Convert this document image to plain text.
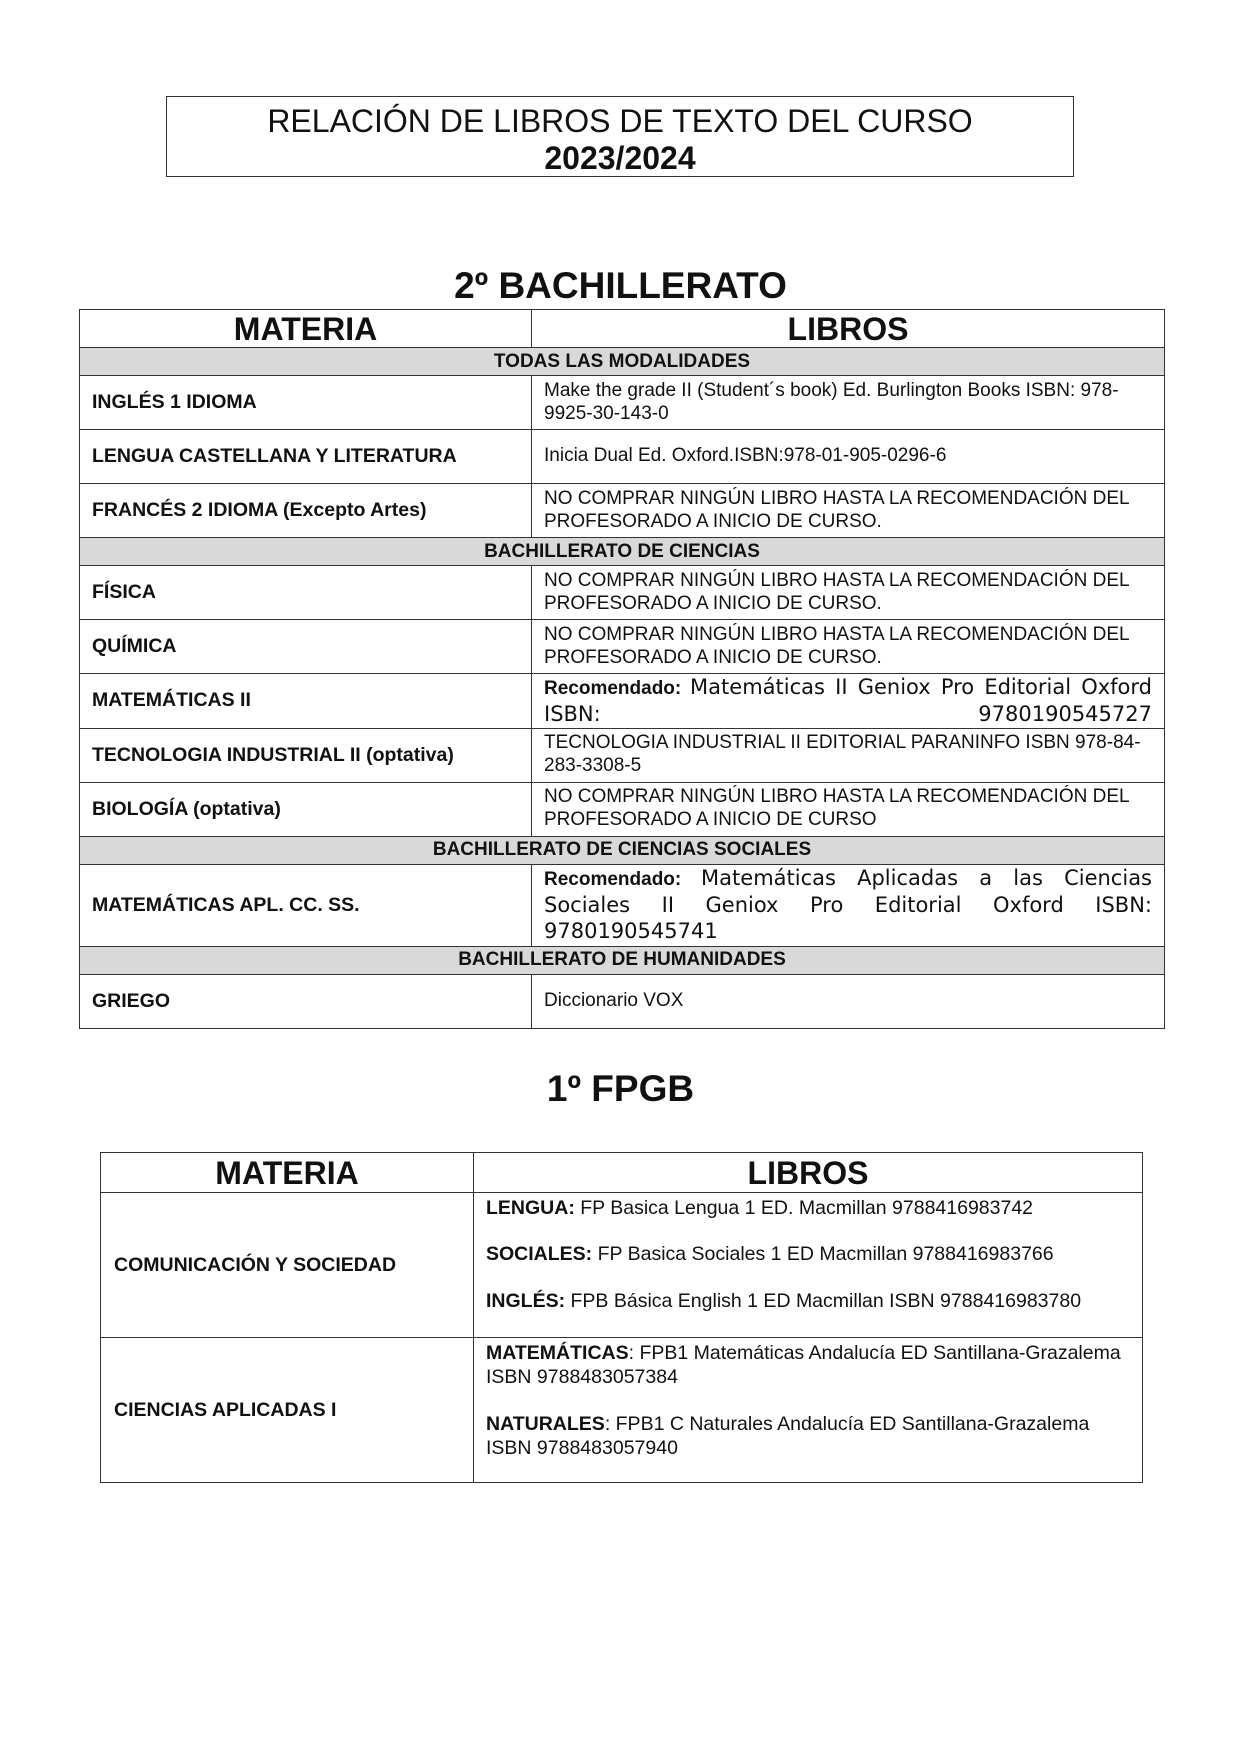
RELACIÓN DE LIBROS DE TEXTO DEL CURSO
2023/2024
2º BACHILLERATO
MATERIA	LIBROS
TODAS LAS MODALIDADES	
INGLÉS 1 IDIOMA	Make the grade II (Student´s book) Ed. Burlington Books ISBN: 978-9925-30-143-0
LENGUA CASTELLANA Y LITERATURA	Inicia Dual Ed. Oxford.ISBN:978-01-905-0296-6
FRANCÉS 2 IDIOMA (Excepto Artes)	NO COMPRAR NINGÚN LIBRO HASTA LA RECOMENDACIÓN DEL PROFESORADO A INICIO DE CURSO.
BACHILLERATO DE CIENCIAS	
FÍSICA	NO COMPRAR NINGÚN LIBRO HASTA LA RECOMENDACIÓN DEL PROFESORADO A INICIO DE CURSO.
QUÍMICA	NO COMPRAR NINGÚN LIBRO HASTA LA RECOMENDACIÓN DEL PROFESORADO A INICIO DE CURSO.
MATEMÁTICAS II	Recomendado: Matemáticas II Geniox Pro Editorial Oxford ISBN: 9780190545727
TECNOLOGIA INDUSTRIAL II (optativa)	TECNOLOGIA INDUSTRIAL II EDITORIAL PARANINFO ISBN 978-84-283-3308-5
BIOLOGÍA (optativa)	NO COMPRAR NINGÚN LIBRO HASTA LA RECOMENDACIÓN DEL PROFESORADO A INICIO DE CURSO
BACHILLERATO DE CIENCIAS SOCIALES	
MATEMÁTICAS APL. CC. SS.	Recomendado: Matemáticas Aplicadas a las Ciencias Sociales II Geniox Pro Editorial Oxford ISBN: 9780190545741
BACHILLERATO DE HUMANIDADES	
GRIEGO	Diccionario VOX
1º FPGB
MATERIA	LIBROS
COMUNICACIÓN Y SOCIEDAD	LENGUA: FP Basica Lengua 1 ED. Macmillan 9788416983742
SOCIALES: FP Basica Sociales 1 ED Macmillan 9788416983766
INGLÉS: FPB Básica English 1 ED Macmillan ISBN 9788416983780

CIENCIAS APLICADAS I	MATEMÁTICAS: FPB1 Matemáticas Andalucía ED Santillana-Grazalema ISBN 9788483057384
NATURALES: FPB1 C Naturales Andalucía ED Santillana-Grazalema ISBN 9788483057940
